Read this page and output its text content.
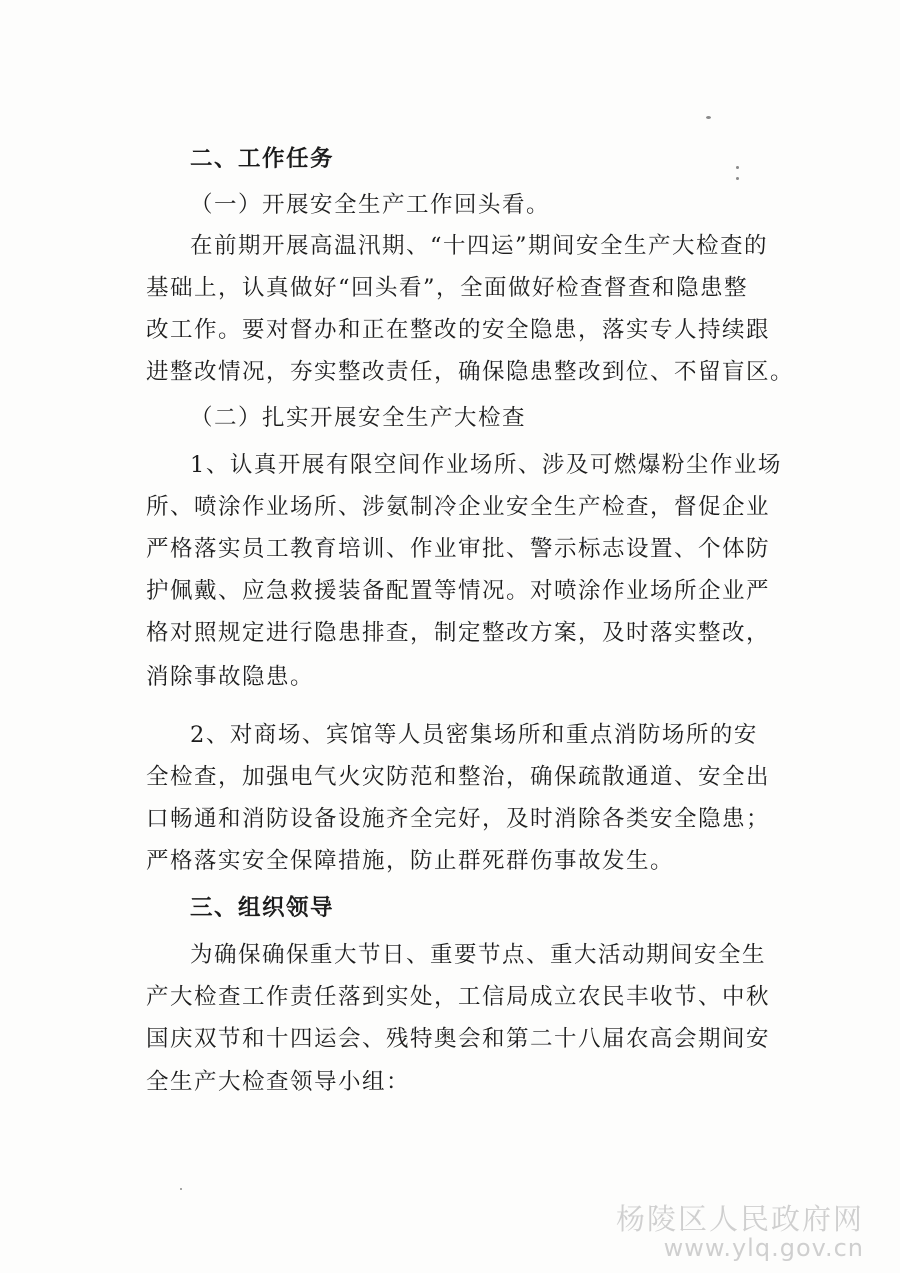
二、工作任务
（一）开展安全生产工作回头看。
在前期开展高温汛期、“十四运”期间安全生产大检查的
基础上，认真做好“回头看”，全面做好检查督查和隐患整
改工作。要对督办和正在整改的安全隐患，落实专人持续跟
进整改情况，夯实整改责任，确保隐患整改到位、不留盲区。
（二）扎实开展安全生产大检查
1、认真开展有限空间作业场所、涉及可燃爆粉尘作业场
所、喷涂作业场所、涉氨制冷企业安全生产检查，督促企业
严格落实员工教育培训、作业审批、警示标志设置、个体防
护佩戴、应急救援装备配置等情况。对喷涂作业场所企业严
格对照规定进行隐患排查，制定整改方案，及时落实整改，
消除事故隐患。
2、对商场、宾馆等人员密集场所和重点消防场所的安
全检查，加强电气火灾防范和整治，确保疏散通道、安全出
口畅通和消防设备设施齐全完好，及时消除各类安全隐患；
严格落实安全保障措施，防止群死群伤事故发生。
三、组织领导
为确保确保重大节日、重要节点、重大活动期间安全生
产大检查工作责任落到实处，工信局成立农民丰收节、中秋
国庆双节和十四运会、残特奥会和第二十八届农高会期间安
全生产大检查领导小组：
杨陵区人民政府网
www.ylq.gov.cn
